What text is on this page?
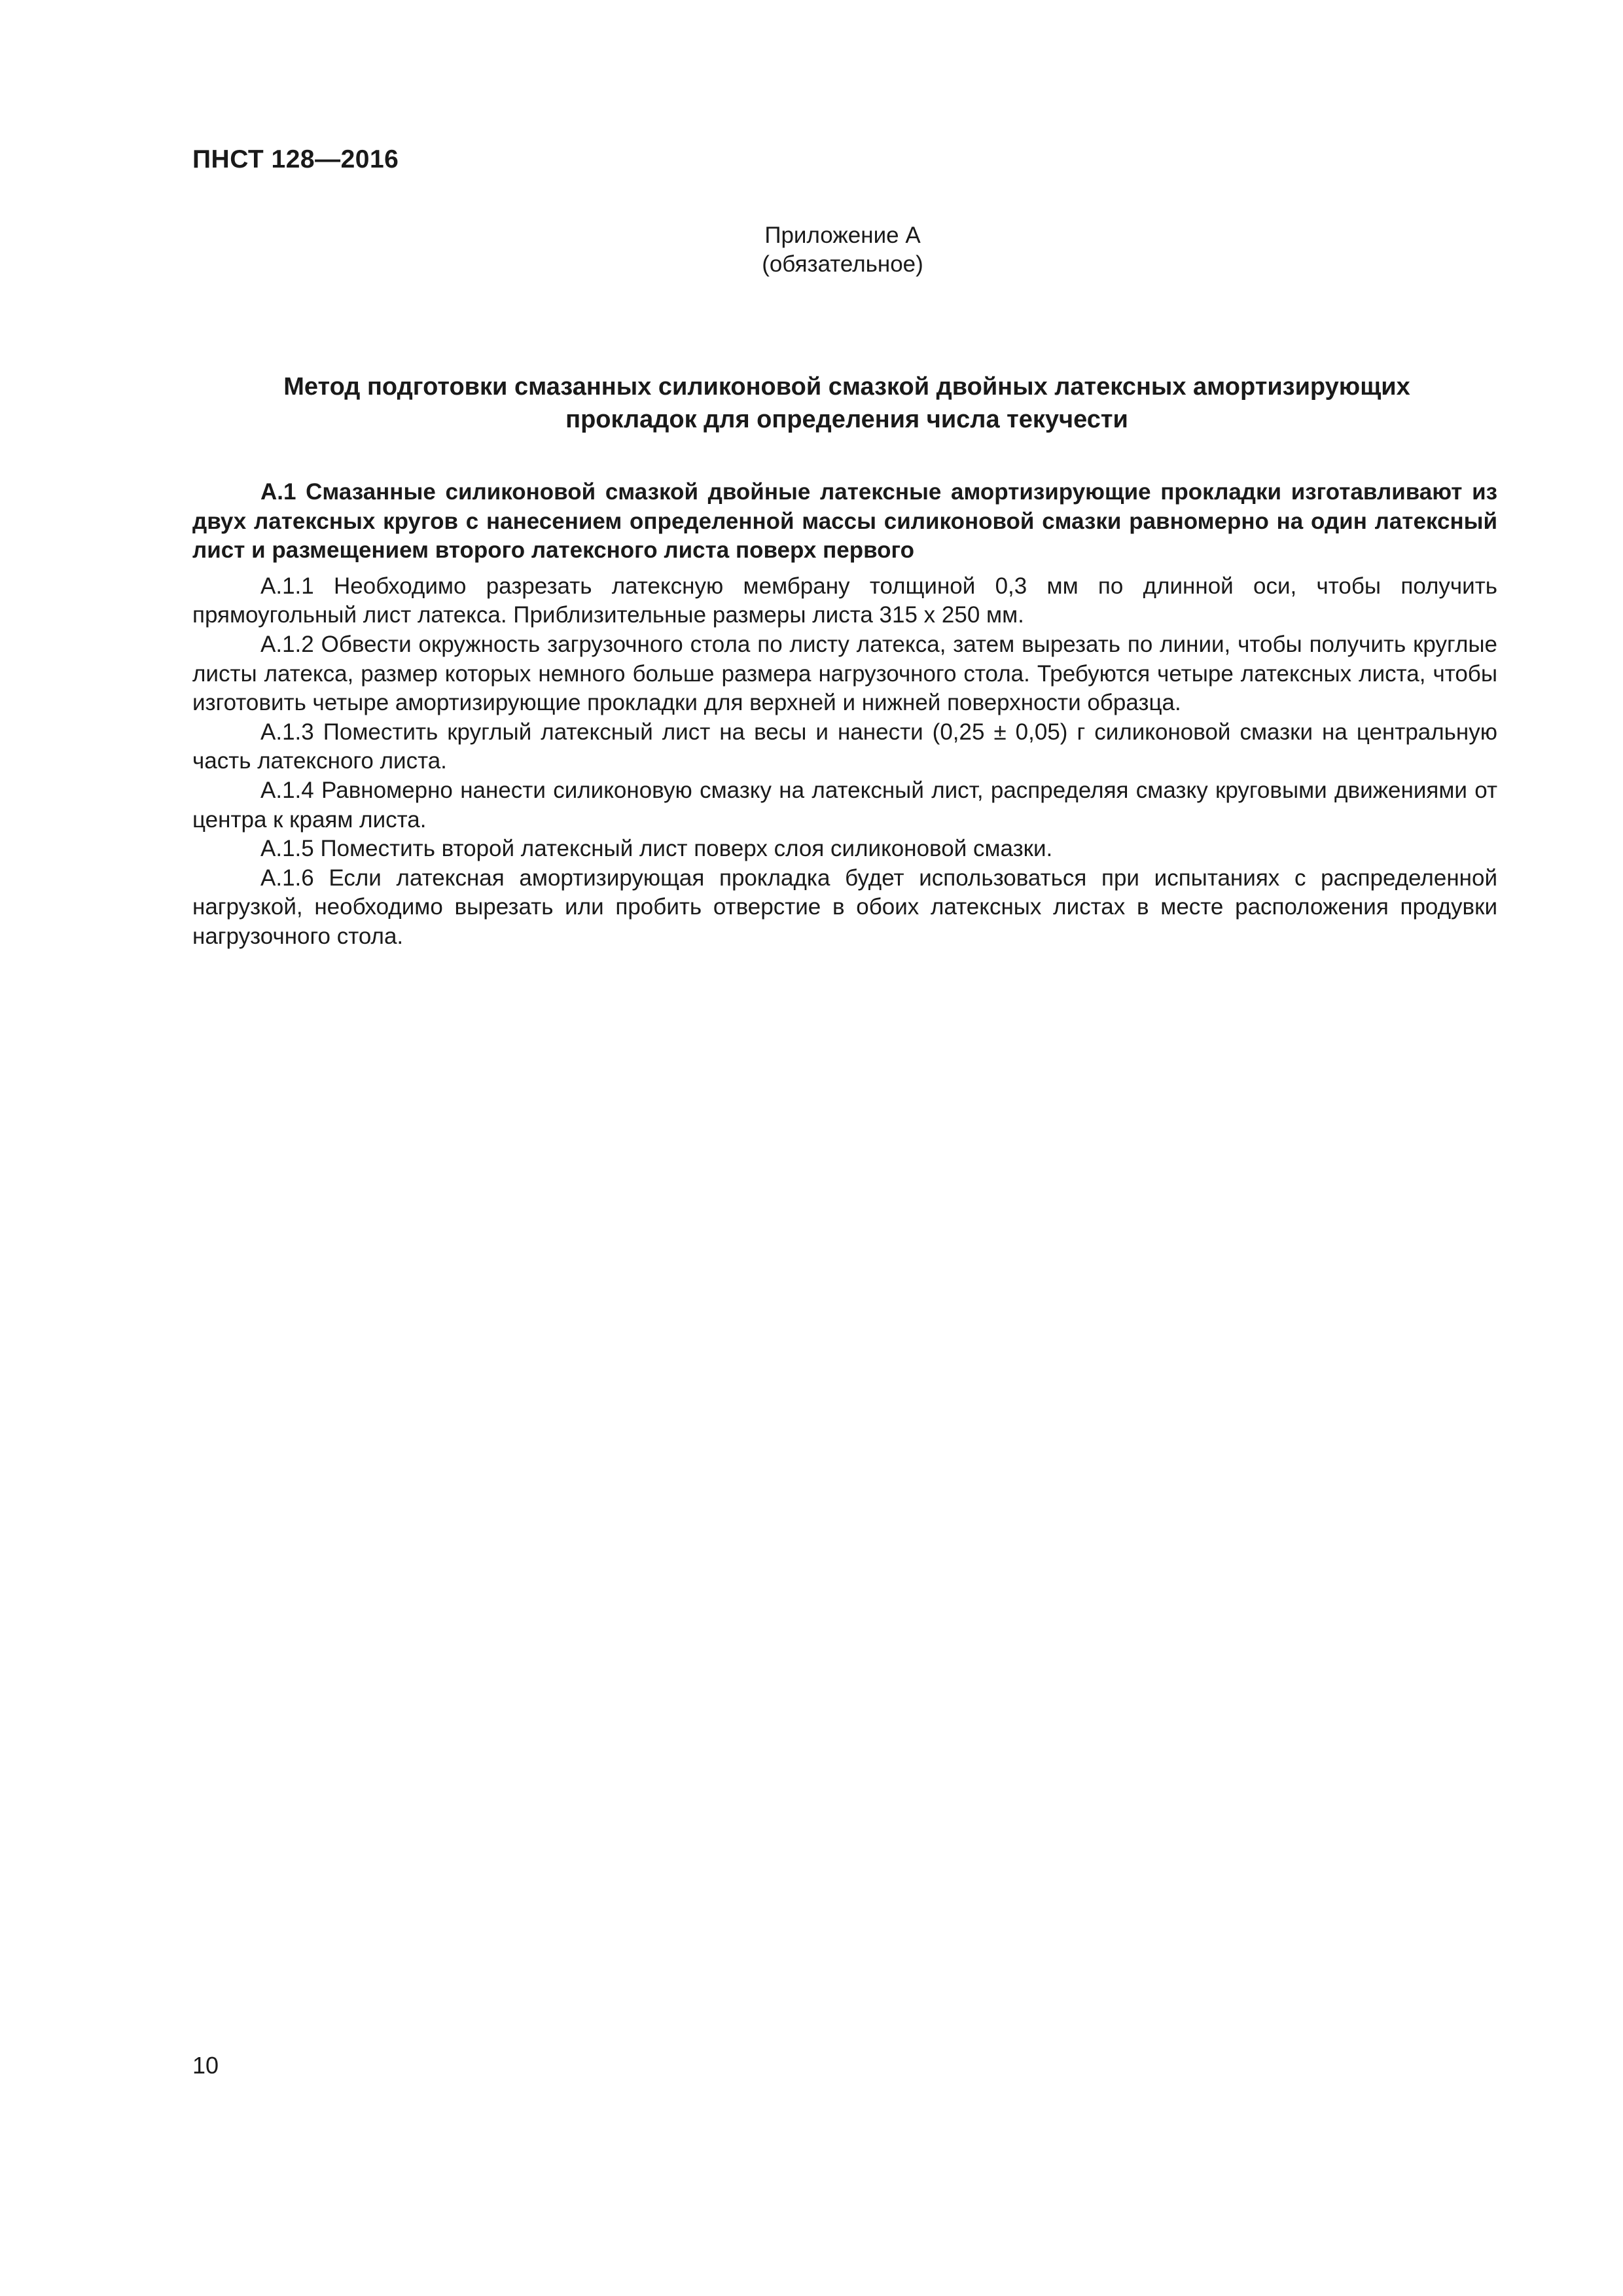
ПНСТ 128—2016
Приложение А
(обязательное)
Метод подготовки смазанных силиконовой смазкой двойных латексных амортизирующих
прокладок для определения числа текучести

А.1 Смазанные силиконовой смазкой двойные латексные амортизирующие прокладки изготавливают из двух латексных кругов с нанесением определенной массы силиконовой смазки равномерно на один латексный лист и размещением второго латексного листа поверх первого

А.1.1 Необходимо разрезать латексную мембрану толщиной 0,3 мм по длинной оси, чтобы получить прямоугольный лист латекса. Приблизительные размеры листа 315 х 250 мм.

А.1.2 Обвести окружность загрузочного стола по листу латекса, затем вырезать по линии, чтобы получить круглые листы латекса, размер которых немного больше размера нагрузочного стола. Требуются четыре латексных листа, чтобы изготовить четыре амортизирующие прокладки для верхней и нижней поверхности образца.

А.1.3 Поместить круглый латексный лист на весы и нанести (0,25 ± 0,05) г силиконовой смазки на центральную часть латексного листа.

А.1.4 Равномерно нанести силиконовую смазку на латексный лист, распределяя смазку круговыми движениями от центра к краям листа.

А.1.5 Поместить второй латексный лист поверх слоя силиконовой смазки.

А.1.6 Если латексная амортизирующая прокладка будет использоваться при испытаниях с распределенной нагрузкой, необходимо вырезать или пробить отверстие в обоих латексных листах в месте расположения продувки нагрузочного стола.

10
